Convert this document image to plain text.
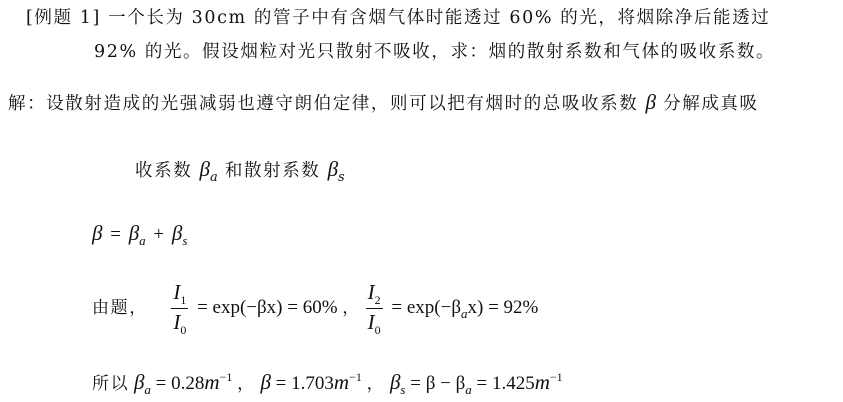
[例题 1] 一个长为 30cm 的管子中有含烟气体时能透过 60% 的光，将烟除净后能透过
92% 的光。假设烟粒对光只散射不吸收，求：烟的散射系数和气体的吸收系数。
解：设散射造成的光强减弱也遵守朗伯定律，则可以把有烟时的总吸收系数 β 分解成真吸
收系数 $\beta_a$ 和散射系数 $\beta_s$
$\beta = \beta_a + \beta_s$
由题， $\frac{I_1}{I_0} = \exp(-\beta x) = 60\%$ ， $\frac{I_2}{I_0} = \exp(-\beta_ax) = 92\%$
所以 $\beta_a = 0.28m^{-1}$ ， $\beta = 1.703m^{-1}$ ， $\beta_s = \beta - \beta_a = 1.425m^{-1}$
